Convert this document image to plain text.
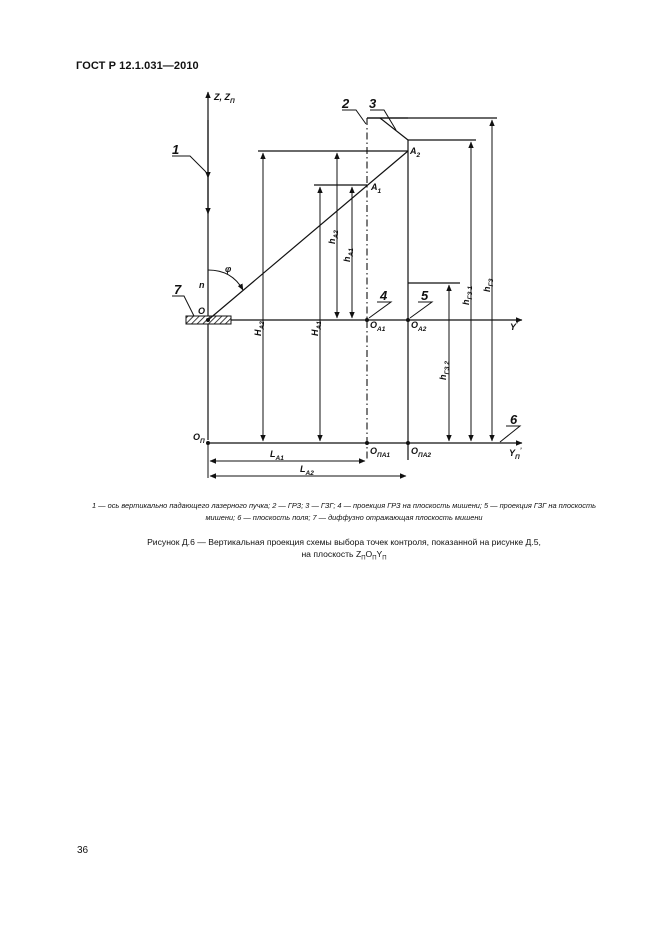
ГОСТ Р 12.1.031—2010
1
2 3
4	5
6
7
Z, $Z_П$
$Y^ʼ$
$Y_П^ʼ$
O
$O_П$
$O_{A1}$	$O_{A2}$
$O_{ПА1}$ $O_{ПА2}$
$A_1$
$A_2$
φ
n
$H_{A2}$
$H_{A1}$
$h_{A2}$
$h_{A1}$
$h_{ГЗ 1}$
$h_{ГЗ 2}$
$h_{ГЗ}$
$L_{A1}$
$L_{A2}$
1 — ось вертикально падающего лазерного пучка; 2 — ГРЗ; 3 — ГЗГ; 4 — проекция ГРЗ на плоскость мишени; 5 — проекция ГЗГ на плоскость мишени; 6 — плоскость поля; 7 — диффузно отражающая плоскость мишени
Рисунок Д.6 — Вертикальная проекция схемы выбора точек контроля, показанной на рисунке Д.5,
на плоскость $Z_ПO_ПY_П$
36
